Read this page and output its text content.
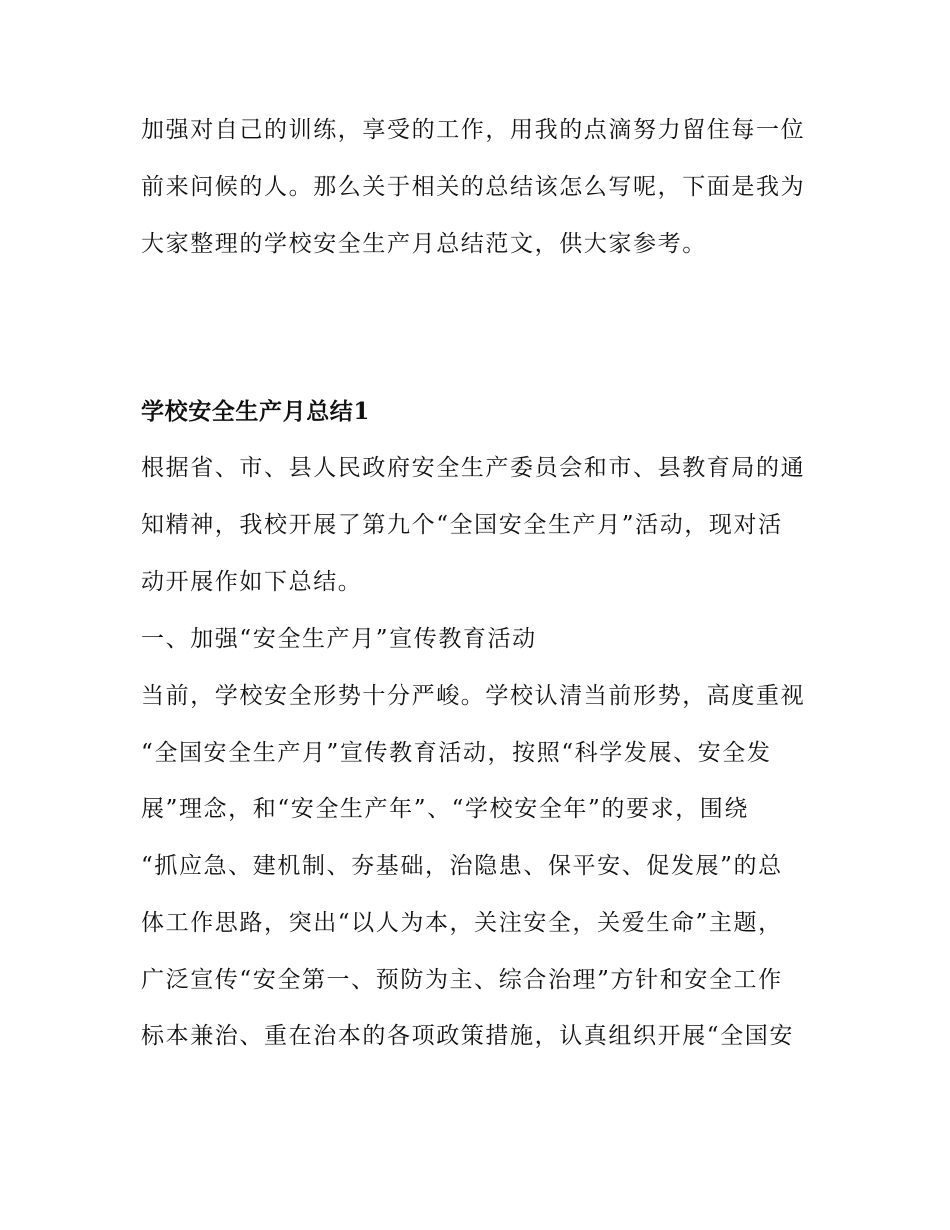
加强对自己的训练，享受的工作，用我的点滴努力留住每一位
前来问候的人。那么关于相关的总结该怎么写呢，下面是我为
大家整理的学校安全生产月总结范文，供大家参考。
学校安全生产月总结1
根据省、市、县人民政府安全生产委员会和市、县教育局的通
知精神，我校开展了第九个“全国安全生产月”活动，现对活
动开展作如下总结。
一、加强“安全生产月”宣传教育活动
当前，学校安全形势十分严峻。学校认清当前形势，高度重视
“全国安全生产月”宣传教育活动，按照“科学发展、安全发
展”理念，和“安全生产年”、“学校安全年”的要求，围绕
“抓应急、建机制、夯基础，治隐患、保平安、促发展”的总
体工作思路，突出“以人为本，关注安全，关爱生命”主题，
广泛宣传“安全第一、预防为主、综合治理”方针和安全工作
标本兼治、重在治本的各项政策措施，认真组织开展“全国安
